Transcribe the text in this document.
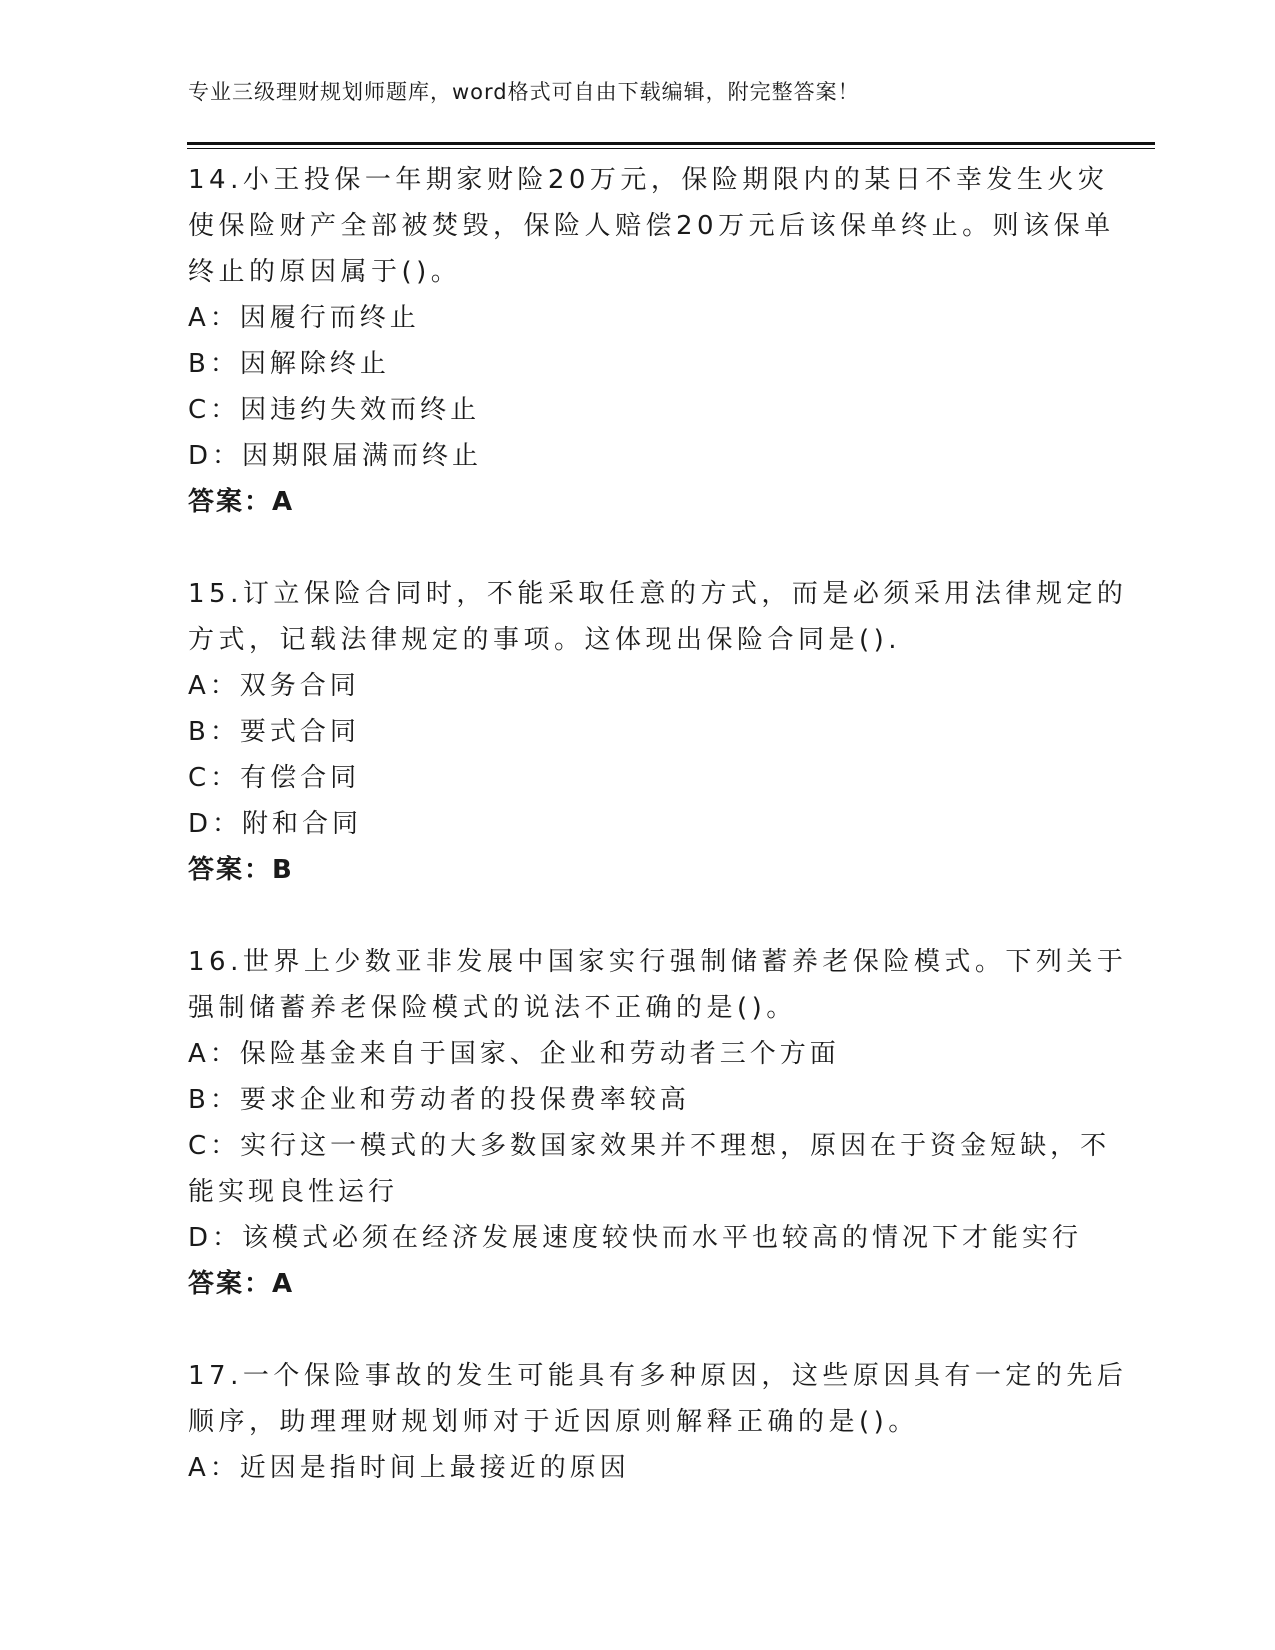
专业三级理财规划师题库，word格式可自由下载编辑，附完整答案！
14.小王投保一年期家财险20万元，保险期限内的某日不幸发生火灾
使保险财产全部被焚毁，保险人赔偿20万元后该保单终止。则该保单
终止的原因属于()。
A：因履行而终止
B：因解除终止
C：因违约失效而终止
D：因期限届满而终止
答案：A
15.订立保险合同时，不能采取任意的方式，而是必须采用法律规定的
方式，记载法律规定的事项。这体现出保险合同是().
A：双务合同
B：要式合同
C：有偿合同
D：附和合同
答案：B
16.世界上少数亚非发展中国家实行强制储蓄养老保险模式。下列关于
强制储蓄养老保险模式的说法不正确的是()。
A：保险基金来自于国家、企业和劳动者三个方面
B：要求企业和劳动者的投保费率较高
C：实行这一模式的大多数国家效果并不理想，原因在于资金短缺，不
能实现良性运行
D：该模式必须在经济发展速度较快而水平也较高的情况下才能实行
答案：A
17.一个保险事故的发生可能具有多种原因，这些原因具有一定的先后
顺序，助理理财规划师对于近因原则解释正确的是()。
A：近因是指时间上最接近的原因
